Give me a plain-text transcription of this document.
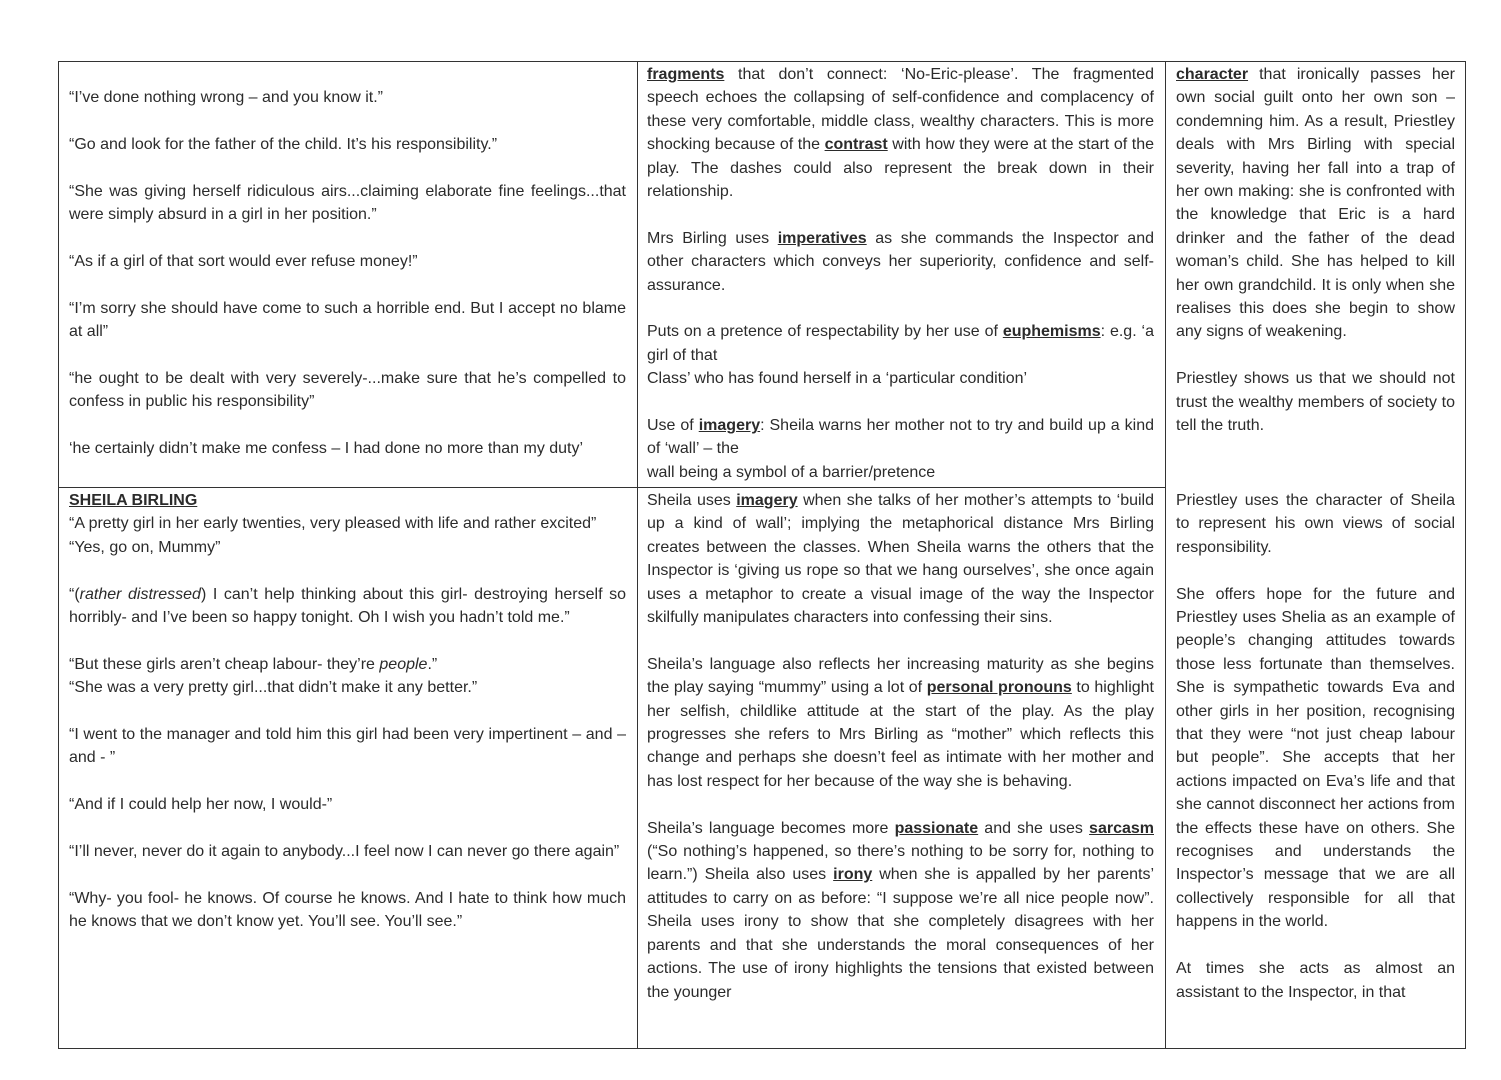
“I’ve done nothing wrong – and you know it.”

“Go and look for the father of the child. It’s his responsibility.”

“She was giving herself ridiculous airs...claiming elaborate fine feelings...that were simply absurd in a girl in her position.”

“As if a girl of that sort would ever refuse money!”

“I’m sorry she should have come to such a horrible end. But I accept no blame at all”

“he ought to be dealt with very severely-...make sure that he’s compelled to confess in public his responsibility”

‘he certainly didn’t make me confess – I had done no more than my duty’

fragments that don’t connect: ‘No-Eric-please’. The fragmented speech echoes the collapsing of self-confidence and complacency of these very comfortable, middle class, wealthy characters. This is more shocking because of the contrast with how they were at the start of the play. The dashes could also represent the break down in their relationship.

Mrs Birling uses imperatives as she commands the Inspector and other characters which conveys her superiority, confidence and self-assurance.

Puts on a pretence of respectability by her use of euphemisms: e.g. ‘a girl of that
Class’ who has found herself in a ‘particular condition’

Use of imagery: Sheila warns her mother not to try and build up a kind of ‘wall’ – the
wall being a symbol of a barrier/pretence

character that ironically passes her own social guilt onto her own son – condemning him. As a result, Priestley deals with Mrs Birling with special severity, having her fall into a trap of her own making: she is confronted with the knowledge that Eric is a hard drinker and the father of the dead woman’s child. She has helped to kill her own grandchild. It is only when she realises this does she begin to show any signs of weakening.

Priestley shows us that we should not trust the wealthy members of society to tell the truth.

SHEILA BIRLING
“A pretty girl in her early twenties, very pleased with life and rather excited”

“Yes, go on, Mummy”

“(rather distressed) I can’t help thinking about this girl- destroying herself so horribly- and I’ve been so happy tonight. Oh I wish you hadn’t told me.”

“But these girls aren’t cheap labour- they’re people.”

“She was a very pretty girl...that didn’t make it any better.”

“I went to the manager and told him this girl had been very impertinent – and – and - ”

“And if I could help her now, I would-”

“I’ll never, never do it again to anybody...I feel now I can never go there again”

“Why- you fool- he knows. Of course he knows. And I hate to think how much he knows that we don’t know yet. You’ll see. You’ll see.”

Sheila uses imagery when she talks of her mother’s attempts to ‘build up a kind of wall’; implying the metaphorical distance Mrs Birling creates between the classes. When Sheila warns the others that the Inspector is ‘giving us rope so that we hang ourselves’, she once again uses a metaphor to create a visual image of the way the Inspector skilfully manipulates characters into confessing their sins.

Sheila’s language also reflects her increasing maturity as she begins the play saying “mummy” using a lot of personal pronouns to highlight her selfish, childlike attitude at the start of the play. As the play progresses she refers to Mrs Birling as “mother” which reflects this change and perhaps she doesn’t feel as intimate with her mother and has lost respect for her because of the way she is behaving.

Sheila’s language becomes more passionate and she uses sarcasm (“So nothing’s happened, so there’s nothing to be sorry for, nothing to learn.”) Sheila also uses irony when she is appalled by her parents’ attitudes to carry on as before: “I suppose we’re all nice people now”. Sheila uses irony to show that she completely disagrees with her parents and that she understands the moral consequences of her actions. The use of irony highlights the tensions that existed between the younger

Priestley uses the character of Sheila to represent his own views of social responsibility.

She offers hope for the future and Priestley uses Shelia as an example of people’s changing attitudes towards those less fortunate than themselves. She is sympathetic towards Eva and other girls in her position, recognising that they were “not just cheap labour but people”. She accepts that her actions impacted on Eva’s life and that she cannot disconnect her actions from the effects these have on others. She recognises and understands the Inspector’s message that we are all collectively responsible for all that happens in the world.

At times she acts as almost an assistant to the Inspector, in that
